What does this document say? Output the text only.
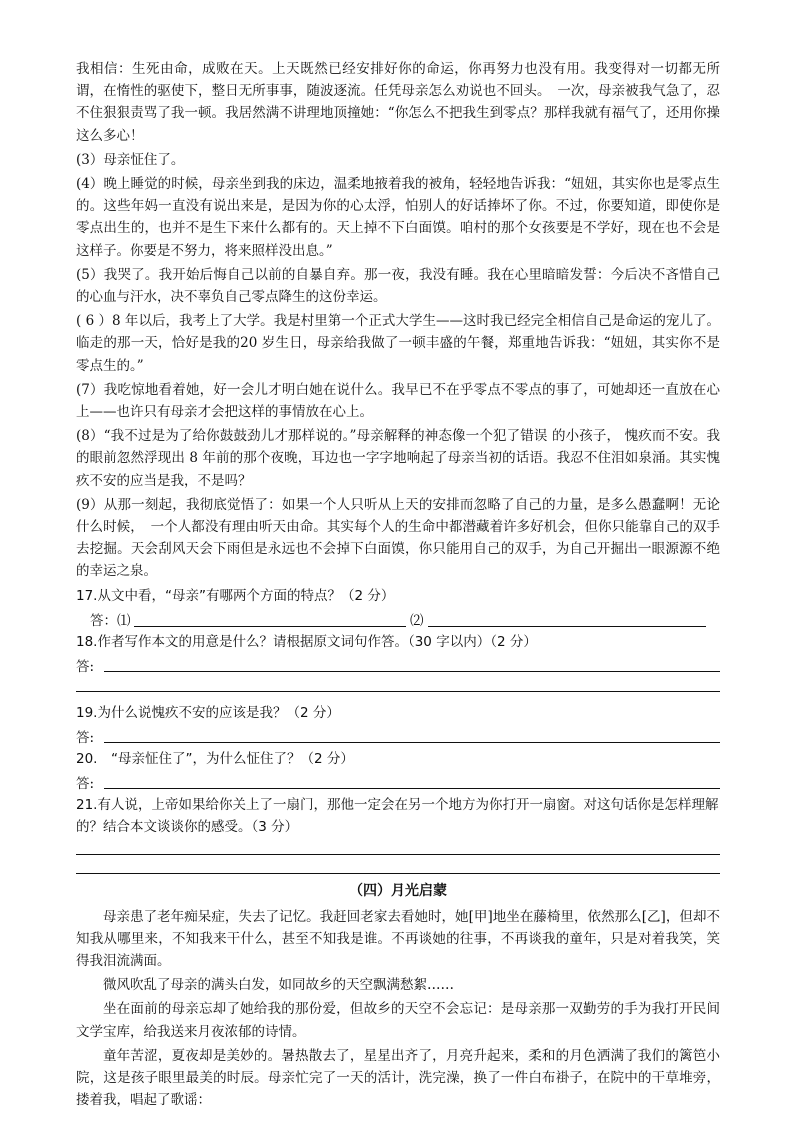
我相信：生死由命，成败在天。上天既然已经安排好你的命运，你再努力也没有用。我变得对一切都无所谓，在惰性的驱使下，整日无所事事，随波逐流。任凭母亲怎么劝说也不回头。　一次，母亲被我气急了，忍不住狠狠责骂了我一顿。我居然满不讲理地顶撞她：“你怎么不把我生到零点？那样我就有福气了，还用你操这么多心！

(3）母亲怔住了。

(4）晚上睡觉的时候，母亲坐到我的床边，温柔地掖着我的被角，轻轻地告诉我：“妞妞，其实你也是零点生的。这些年妈一直没有说出来是，是因为你的心太浮，怕别人的好话捧坏了你。不过，你要知道，即使你是零点出生的，也并不是生下来什么都有的。天上掉不下白面馍。咱村的那个女孩要是不学好，现在也不会是这样子。你要是不努力，将来照样没出息。”

(5）我哭了。我开始后悔自己以前的自暴自弃。那一夜，我没有睡。我在心里暗暗发誓：今后决不吝惜自己的心血与汗水，决不辜负自己零点降生的这份幸运。

( 6 ）8 年以后，我考上了大学。我是村里第一个正式大学生——这时我已经完全相信自己是命运的宠儿了。临走的那一天，恰好是我的20 岁生日，母亲给我做了一顿丰盛的午餐，郑重地告诉我：“妞妞，其实你不是零点生的。”

(7）我吃惊地看着她，好一会儿才明白她在说什么。我早已不在乎零点不零点的事了，可她却还一直放在心上——也许只有母亲才会把这样的事情放在心上。

(8）“我不过是为了给你鼓鼓劲儿才那样说的。”母亲解释的神态像一个犯了错误 的小孩子， 愧疚而不安。我的眼前忽然浮现出 8 年前的那个夜晚，耳边也一字字地响起了母亲当初的话语。我忍不住泪如泉涌。其实愧疚不安的应当是我，不是吗？

(9）从那一刻起，我彻底觉悟了：如果一个人只听从上天的安排而忽略了自己的力量，是多么愚蠢啊！无论什么时候，　一个人都没有理由听天由命。其实每个人的生命中都潜藏着许多好机会，但你只能靠自己的双手去挖掘。天会刮风天会下雨但是永远也不会掉下白面馍，你只能用自己的双手，为自己开掘出一眼源源不绝的幸运之泉。

17.从文中看，“母亲”有哪两个方面的特点？（2 分）

答：⑴	⑵

18.作者写作本文的用意是什么？请根据原文词句作答。（30 字以内）（2 分）

答:

19.为什么说愧疚不安的应该是我？（2 分）

答:

20.　“母亲怔住了”，为什么怔住了？（2 分）

答:

21.有人说，上帝如果给你关上了一扇门，那他一定会在另一个地方为你打开一扇窗。对这句话你是怎样理解的？结合本文谈谈你的感受。（3 分）

（四）月光启蒙

母亲患了老年痴呆症，失去了记忆。我赶回老家去看她时，她[甲]地坐在藤椅里，依然那么[乙]，但却不知我从哪里来，不知我来干什么，甚至不知我是谁。不再谈她的往事，不再谈我的童年，只是对着我笑，笑得我泪流满面。

微风吹乱了母亲的满头白发，如同故乡的天空飘满愁絮……

坐在面前的母亲忘却了她给我的那份爱，但故乡的天空不会忘记：是母亲那一双勤劳的手为我打开民间文学宝库，给我送来月夜浓郁的诗情。

童年苦涩，夏夜却是美妙的。暑热散去了，星星出齐了，月亮升起来，柔和的月色洒满了我们的篱笆小院，这是孩子眼里最美的时辰。母亲忙完了一天的活计，洗完澡，换了一件白布褂子，在院中的干草堆旁，搂着我，唱起了歌谣：
